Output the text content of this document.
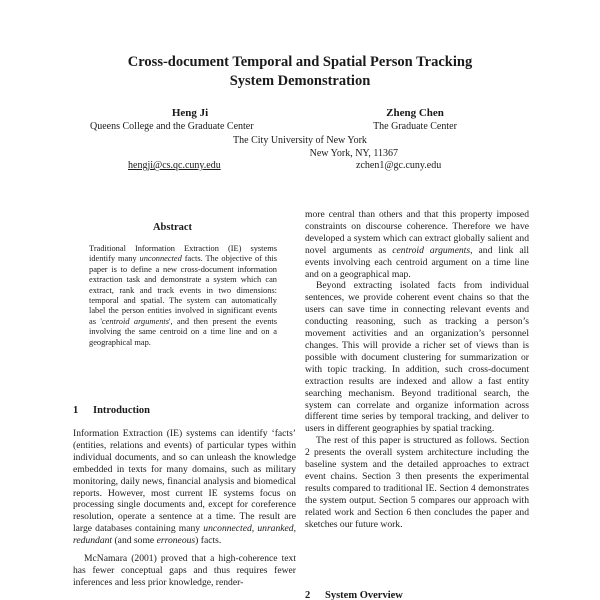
Cross-document Temporal and Spatial Person Tracking
System Demonstration
Heng Ji
Queens College and the Graduate Center
Zheng Chen
The Graduate Center
The City University of New York
New York, NY, 11367
hengji@cs.qc.cuny.edu	zchen1@gc.cuny.edu
Abstract
Traditional Information Extraction (IE) systems identify many unconnected facts. The objective of this paper is to define a new cross-document information extraction task and demonstrate a system which can extract, rank and track events in two dimensions: temporal and spatial. The system can automatically label the person entities involved in significant events as 'centroid arguments', and then present the events involving the same centroid on a time line and on a geographical map.
1 Introduction

Information Extraction (IE) systems can identify ‘facts’ (entities, relations and events) of particular types within individual documents, and so can unleash the knowledge embedded in texts for many domains, such as military monitoring, daily news, financial analysis and biomedical reports. However, most current IE systems focus on processing single documents and, except for coreference resolution, operate a sentence at a time. The result are large databases containing many unconnected, unranked, redundant (and some erroneous) facts.

McNamara (2001) proved that a high-coherence text has fewer conceptual gaps and thus requires fewer inferences and less prior knowledge, render-

more central than others and that this property imposed constraints on discourse coherence. Therefore we have developed a system which can extract globally salient and novel arguments as centroid arguments, and link all events involving each centroid argument on a time line and on a geographical map.

Beyond extracting isolated facts from individual sentences, we provide coherent event chains so that the users can save time in connecting relevant events and conducting reasoning, such as tracking a person’s movement activities and an organization’s personnel changes. This will provide a richer set of views than is possible with document clustering for summarization or with topic tracking. In addition, such cross-document extraction results are indexed and allow a fast entity searching mechanism. Beyond traditional search, the system can correlate and organize information across different time series by temporal tracking, and deliver to users in different geographies by spatial tracking.

The rest of this paper is structured as follows. Section 2 presents the overall system architecture including the baseline system and the detailed approaches to extract event chains. Section 3 then presents the experimental results compared to traditional IE. Section 4 demonstrates the system output. Section 5 compares our approach with related work and Section 6 then concludes the paper and sketches our future work.

2 System Overview
